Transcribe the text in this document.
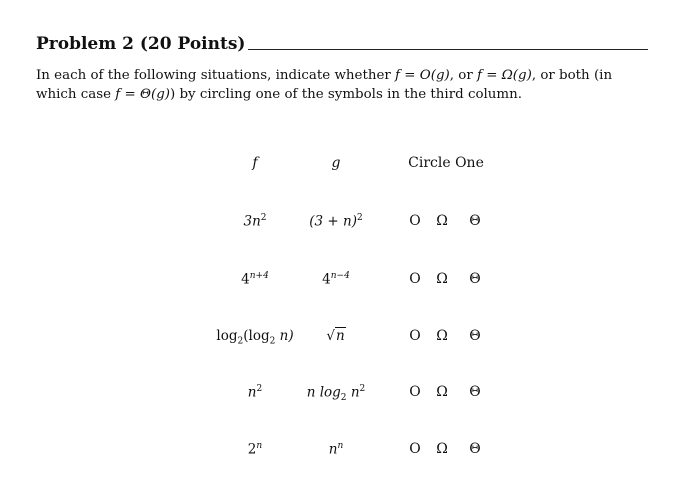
Problem 2 (20 Points)
In each of the following situations, indicate whether f = O(g), or f = Ω(g), or both (in
which case f = Θ(g)) by circling one of the symbols in the third column.
f	g	Circle One
$3n^2$	$(3 + n)^2$	O	Ω	Θ
$4^{n+4}$	$4^{n-4}$	O	Ω	Θ
$\log_2(\log_2$ n)	√n	O	Ω	Θ
$n^2$	n $\log_2 n^2$	O	Ω	Θ
2$^n$	$n^n$	O	Ω	Θ
